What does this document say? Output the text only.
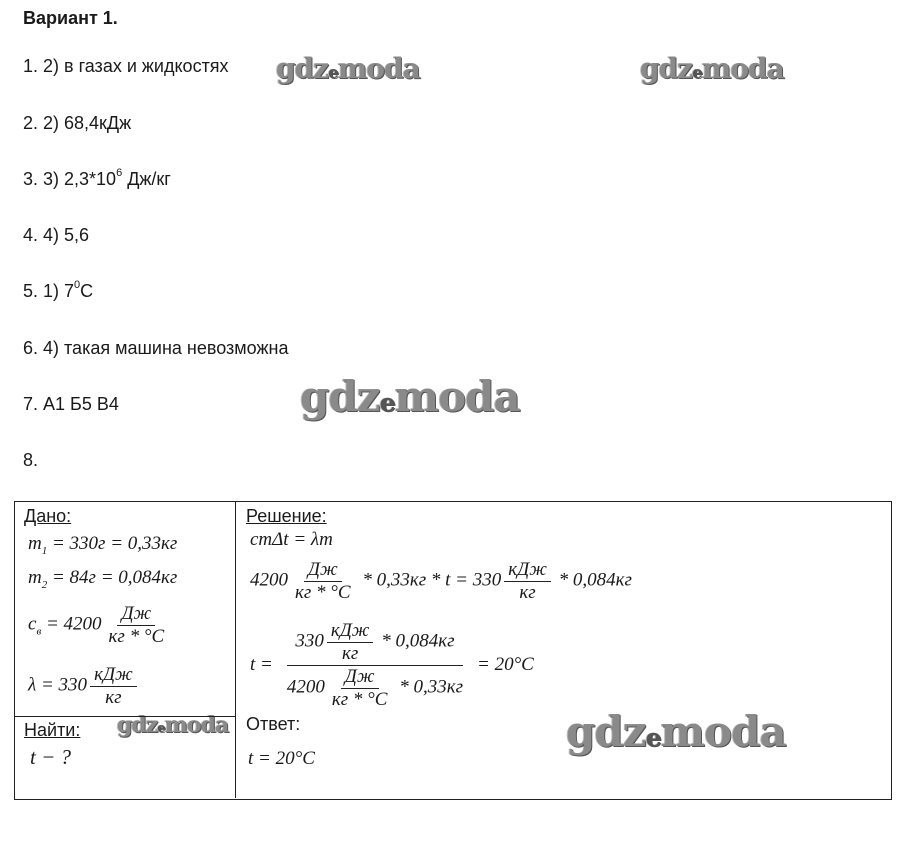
Вариант 1.
1. 2) в газах и жидкостях
2. 2) 68,4кДж
3. 3) $2,3*10^6$ Дж/кг
4. 4) 5,6
5. 1) $7^0С$
6. 4) такая машина невозможна
7. А1 Б5 В4
8.
gdzemoda	gdzemoda
gdzemoda
gdzemoda	gdzemoda
Дано:	Решение:
Найти:	Ответ:
$m_1 = 330г = 0,33кг$
$m_2 = 84г = 0,084кг$
$c_в = 4200 \frac{Дж}{кг * ^\circ С}$
$\lambda = 330 \frac{\text{кДж}}{кг}$
t − ?
cmΔt = λm
$4200 \frac{Дж}{кг * ^\circ С} * 0,33кг * t = 330 \frac{\text{кДж}}{кг} * 0,084кг$
$t = \frac{330 \frac{\text{кДж}}{кг} * 0,084кг}{4200 \frac{Дж}{кг * ^\circ С} * 0,33кг} = 20^\circ С$
t = 20°С
